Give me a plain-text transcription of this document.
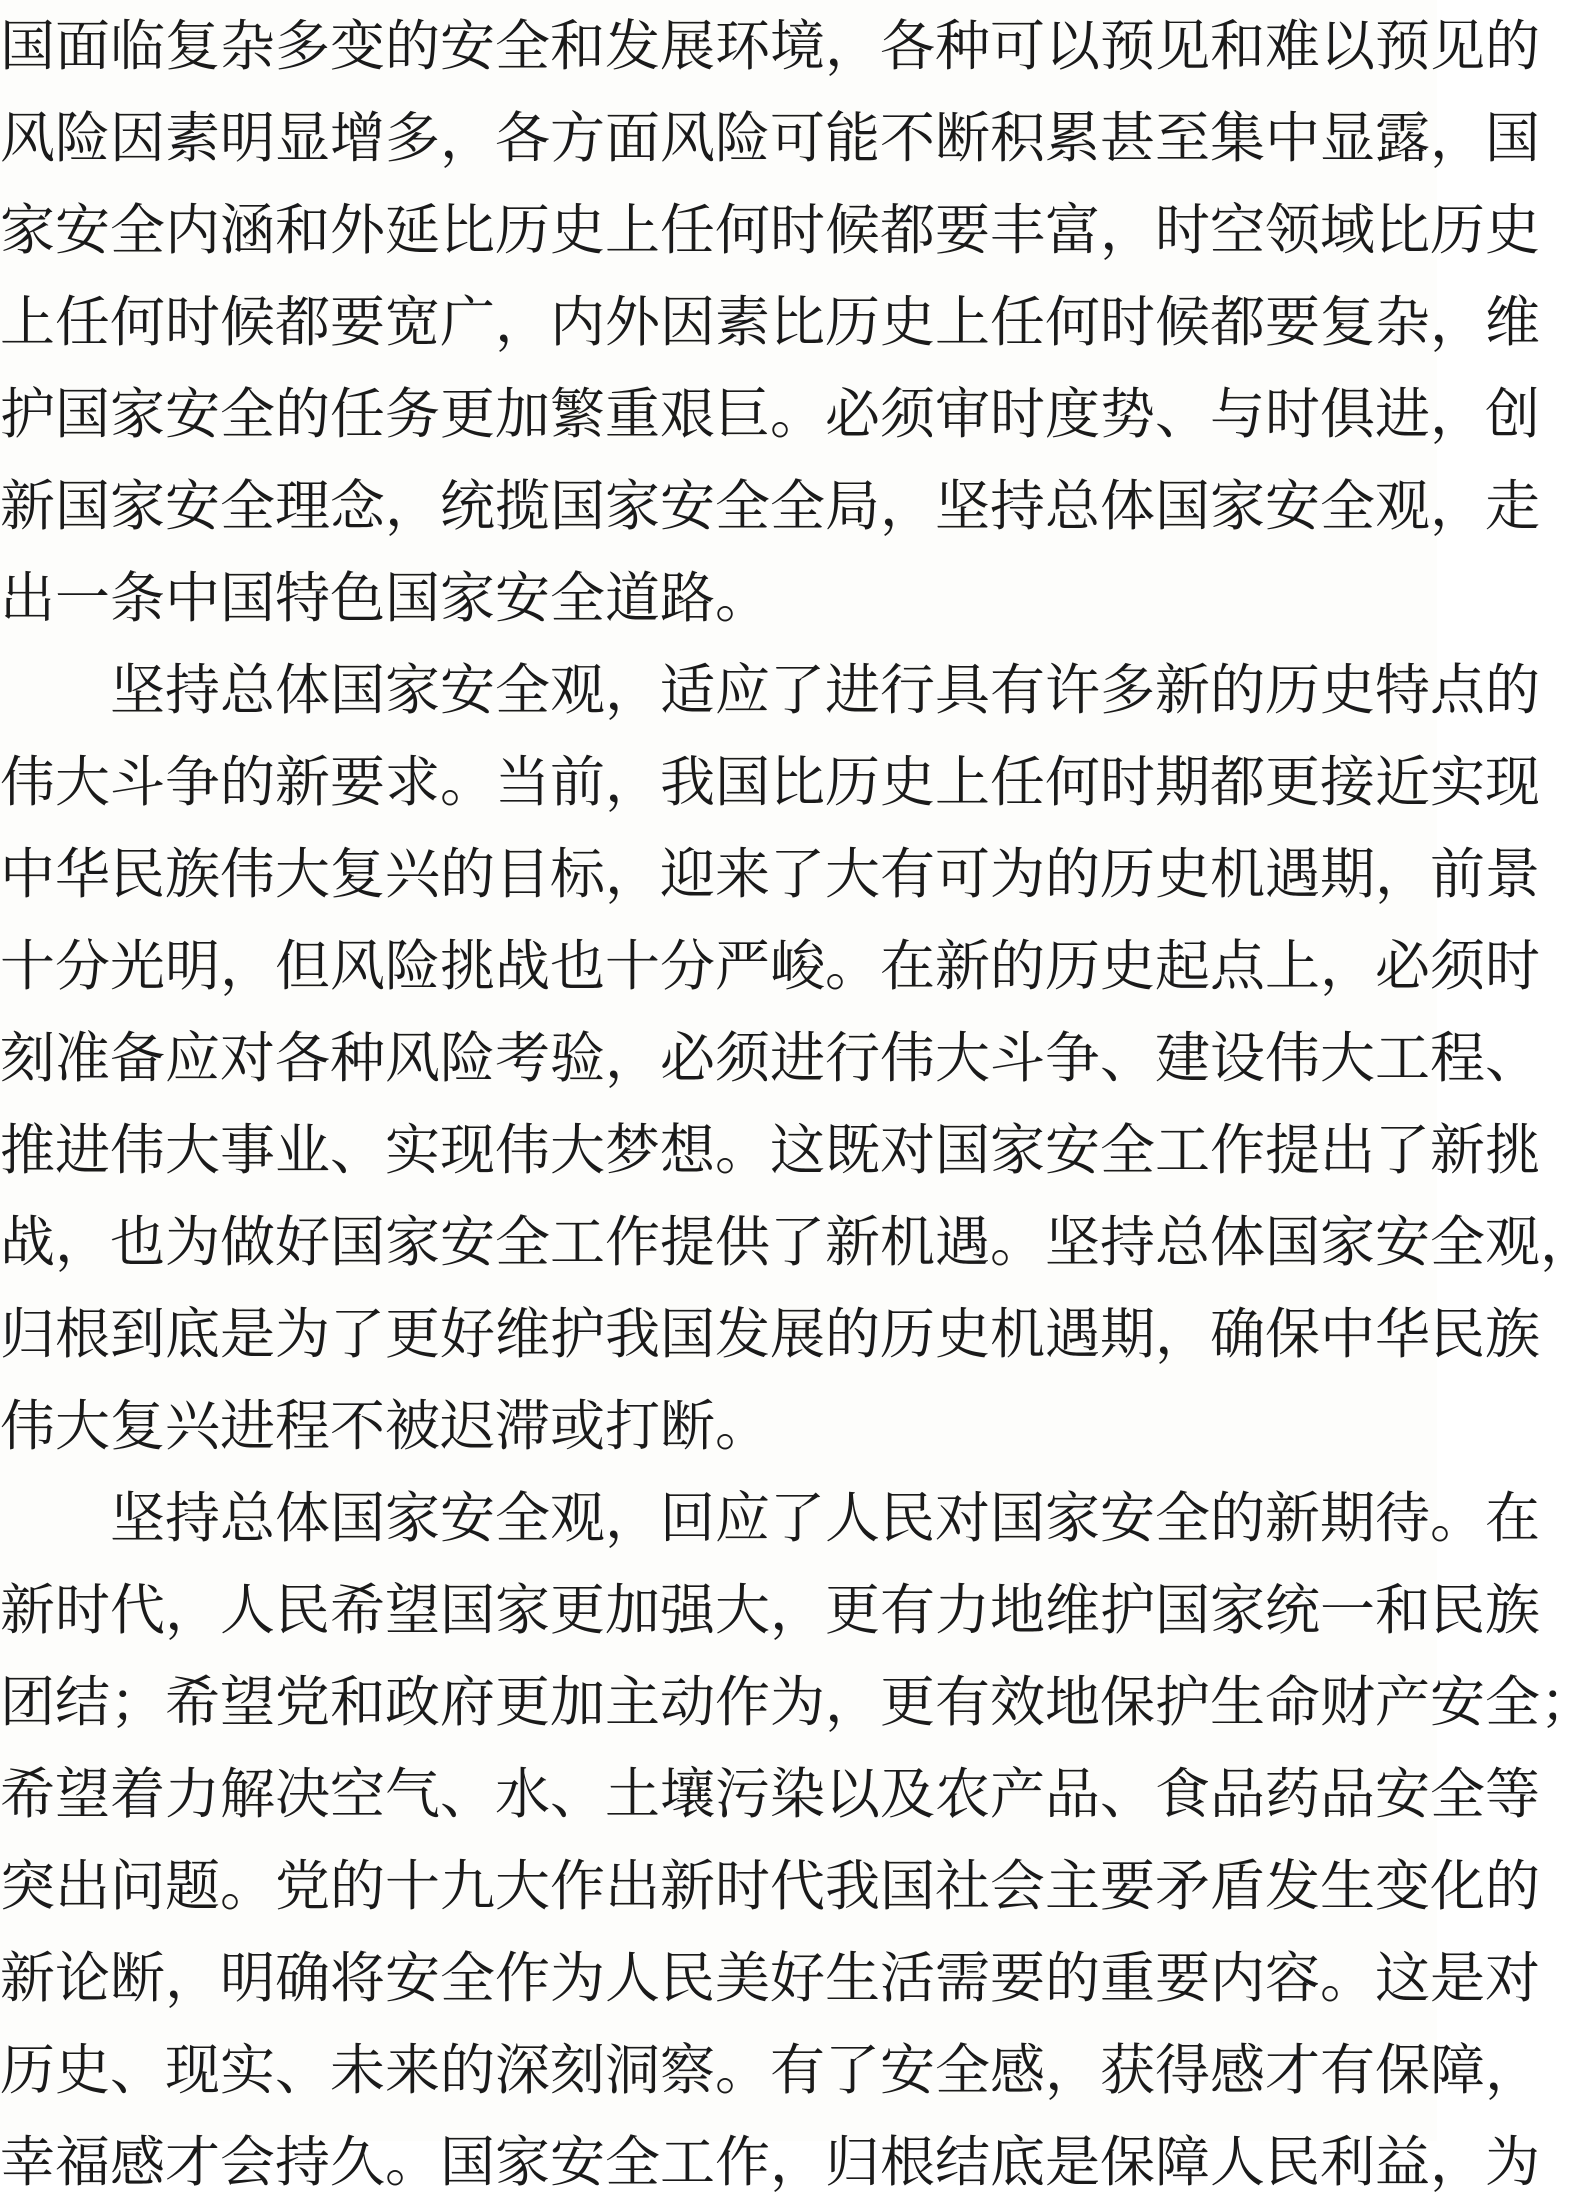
国面临复杂多变的安全和发展环境，各种可以预见和难以预见的
风险因素明显增多，各方面风险可能不断积累甚至集中显露，国
家安全内涵和外延比历史上任何时候都要丰富，时空领域比历史
上任何时候都要宽广，内外因素比历史上任何时候都要复杂，维
护国家安全的任务更加繁重艰巨。必须审时度势、与时俱进，创
新国家安全理念，统揽国家安全全局，坚持总体国家安全观，走
出一条中国特色国家安全道路。
坚持总体国家安全观，适应了进行具有许多新的历史特点的
伟大斗争的新要求。当前，我国比历史上任何时期都更接近实现
中华民族伟大复兴的目标，迎来了大有可为的历史机遇期，前景
十分光明，但风险挑战也十分严峻。在新的历史起点上，必须时
刻准备应对各种风险考验，必须进行伟大斗争、建设伟大工程、
推进伟大事业、实现伟大梦想。这既对国家安全工作提出了新挑
战，也为做好国家安全工作提供了新机遇。坚持总体国家安全观，
归根到底是为了更好维护我国发展的历史机遇期，确保中华民族
伟大复兴进程不被迟滞或打断。
坚持总体国家安全观，回应了人民对国家安全的新期待。在
新时代，人民希望国家更加强大，更有力地维护国家统一和民族
团结；希望党和政府更加主动作为，更有效地保护生命财产安全；
希望着力解决空气、水、土壤污染以及农产品、食品药品安全等
突出问题。党的十九大作出新时代我国社会主要矛盾发生变化的
新论断，明确将安全作为人民美好生活需要的重要内容。这是对
历史、现实、未来的深刻洞察。有了安全感，获得感才有保障，
幸福感才会持久。国家安全工作，归根结底是保障人民利益，为
